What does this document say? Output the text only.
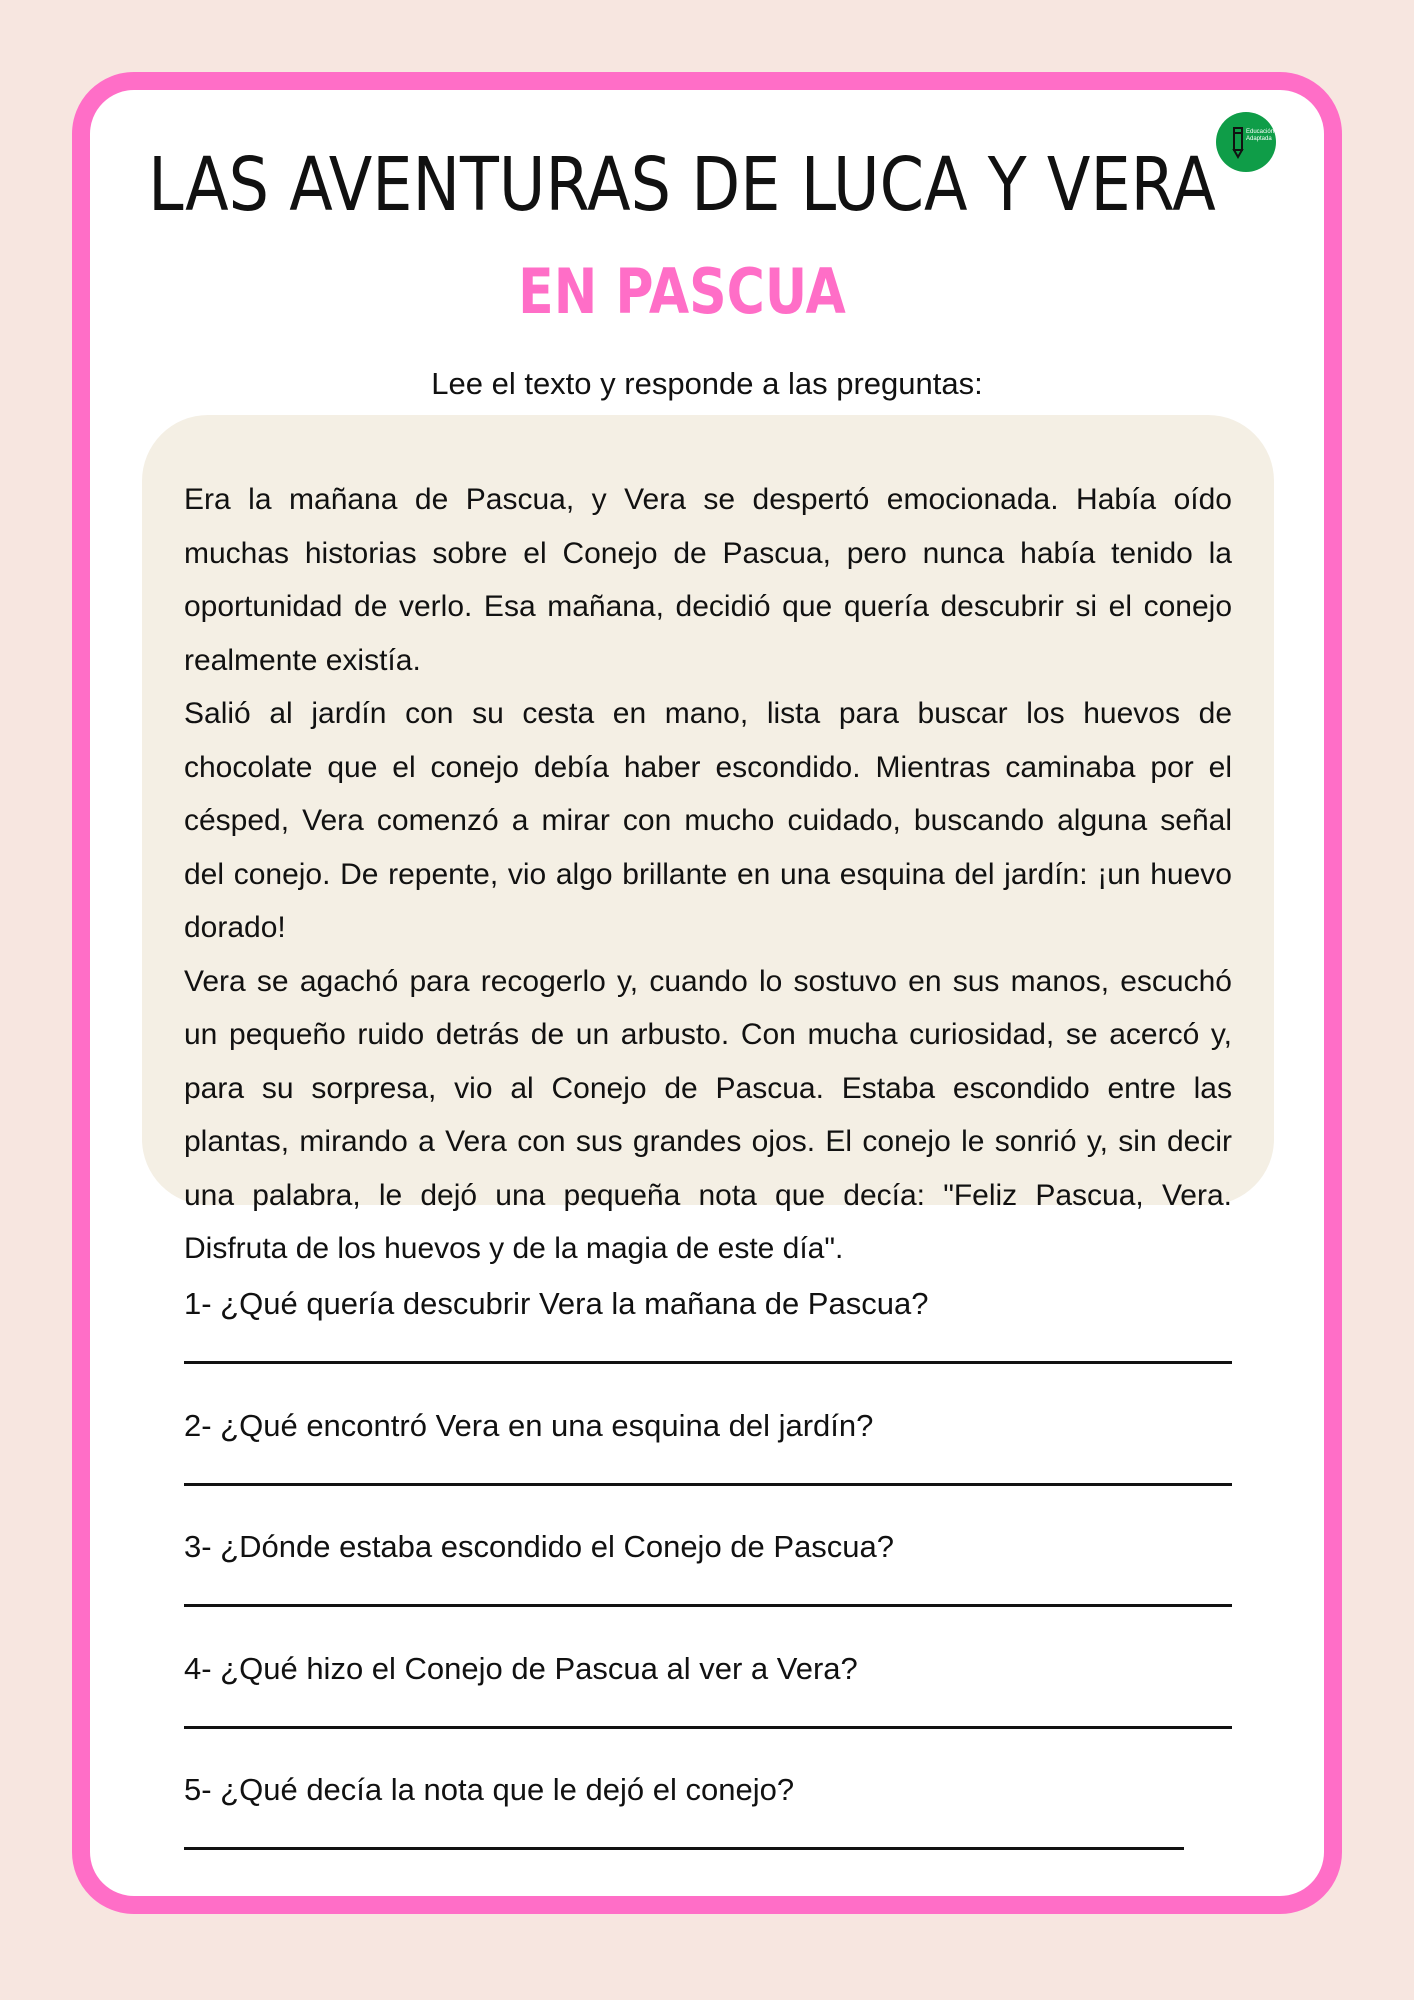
Educación Adaptada
LAS AVENTURAS DE LUCA Y VERA
EN PASCUA

Lee el texto y responde a las preguntas:

Era la mañana de Pascua, y Vera se despertó emocionada. Había oído muchas historias sobre el Conejo de Pascua, pero nunca había tenido la oportunidad de verlo. Esa mañana, decidió que quería descubrir si el conejo realmente existía.

Salió al jardín con su cesta en mano, lista para buscar los huevos de chocolate que el conejo debía haber escondido. Mientras caminaba por el césped, Vera comenzó a mirar con mucho cuidado, buscando alguna señal del conejo. De repente, vio algo brillante en una esquina del jardín: ¡un huevo dorado!

Vera se agachó para recogerlo y, cuando lo sostuvo en sus manos, escuchó un pequeño ruido detrás de un arbusto. Con mucha curiosidad, se acercó y, para su sorpresa, vio al Conejo de Pascua. Estaba escondido entre las plantas, mirando a Vera con sus grandes ojos. El conejo le sonrió y, sin decir una palabra, le dejó una pequeña nota que decía: "Feliz Pascua, Vera. Disfruta de los huevos y de la magia de este día".

1- ¿Qué quería descubrir Vera la mañana de Pascua?
2- ¿Qué encontró Vera en una esquina del jardín?
3- ¿Dónde estaba escondido el Conejo de Pascua?
4- ¿Qué hizo el Conejo de Pascua al ver a Vera?
5- ¿Qué decía la nota que le dejó el conejo?
